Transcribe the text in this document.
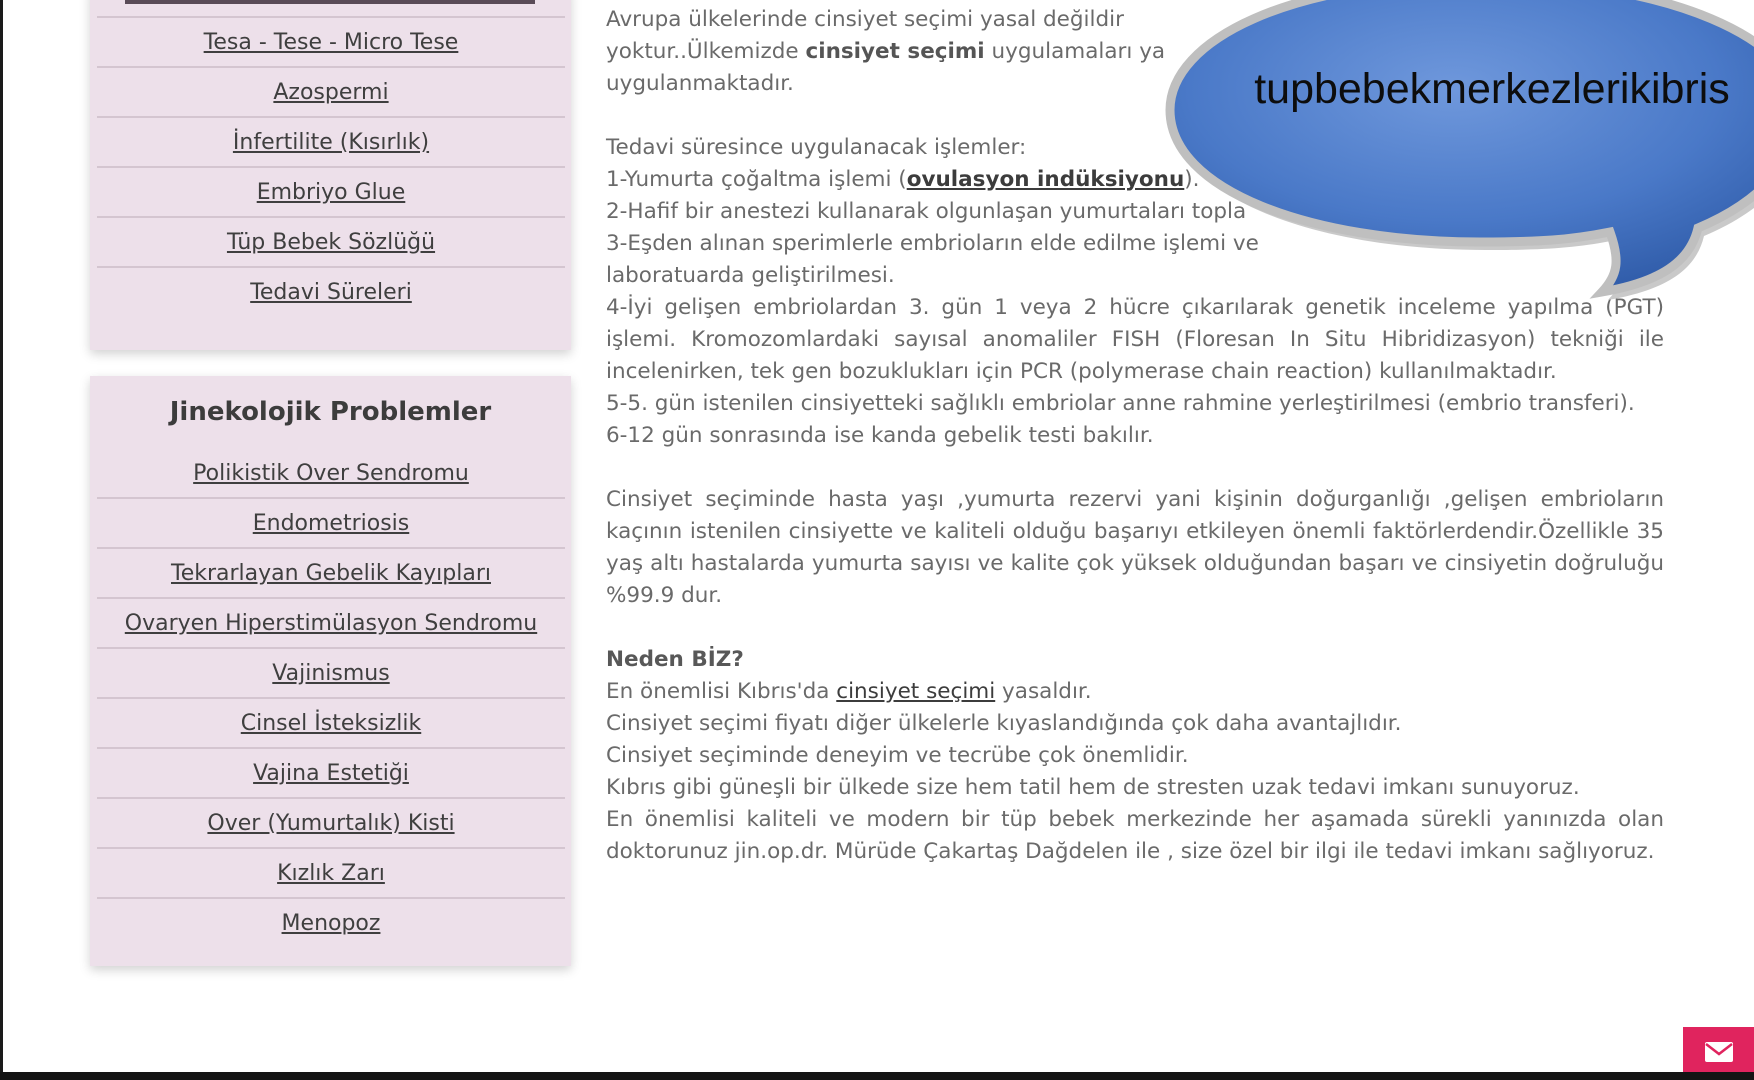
Tesa - Tese - Micro Tese
Azospermi
İnfertilite (Kısırlık)
Embriyo Glue
Tüp Bebek Sözlüğü
Tedavi Süreleri
Jinekolojik Problemler
Polikistik Over Sendromu
Endometriosis
Tekrarlayan Gebelik Kayıpları
Ovaryen Hiperstimülasyon Sendromu
Vajinismus
Cinsel İsteksizlik
Vajina Estetiği
Over (Yumurtalık) Kisti
Kızlık Zarı
Menopoz

Avrupa ülkelerinde cinsiyet seçimi yasal değildir
yoktur..Ülkemizde cinsiyet seçimi uygulamaları ya
uygulanmaktadır.

Tedavi süresince uygulanacak işlemler:
1-Yumurta çoğaltma işlemi (ovulasyon indüksiyonu).
2-Hafif bir anestezi kullanarak olgunlaşan yumurtaları topla
3-Eşden alınan sperimlerle embrioların elde edilme işlemi ve
laboratuarda geliştirilmesi.
4-İyi gelişen embriolardan 3. gün 1 veya 2 hücre çıkarılarak genetik inceleme yapılma (PGT) işlemi. Kromozomlardaki sayısal anomaliler FISH (Floresan In Situ Hibridizasyon) tekniği ile incelenirken, tek gen bozuklukları için PCR (polymerase chain reaction) kullanılmaktadır.
5-5. gün istenilen cinsiyetteki sağlıklı embriolar anne rahmine yerleştirilmesi (embrio transferi).
6-12 gün sonrasında ise kanda gebelik testi bakılır.

Cinsiyet seçiminde hasta yaşı ,yumurta rezervi yani kişinin doğurganlığı ,gelişen embrioların kaçının istenilen cinsiyette ve kaliteli olduğu başarıyı etkileyen önemli faktörlerdendir.Özellikle 35 yaş altı hastalarda yumurta sayısı ve kalite çok yüksek olduğundan başarı ve cinsiyetin doğruluğu %99.9 dur.

Neden BİZ?
En önemlisi Kıbrıs'da cinsiyet seçimi yasaldır.
Cinsiyet seçimi fiyatı diğer ülkelerle kıyaslandığında çok daha avantajlıdır.
Cinsiyet seçiminde deneyim ve tecrübe çok önemlidir.
Kıbrıs gibi güneşli bir ülkede size hem tatil hem de stresten uzak tedavi imkanı sunuyoruz.
En önemlisi kaliteli ve modern bir tüp bebek merkezinde her aşamada sürekli yanınızda olan doktorunuz jin.op.dr. Mürüde Çakartaş Dağdelen ile , size özel bir ilgi ile tedavi imkanı sağlıyoruz.

tupbebekmerkezlerikibris
